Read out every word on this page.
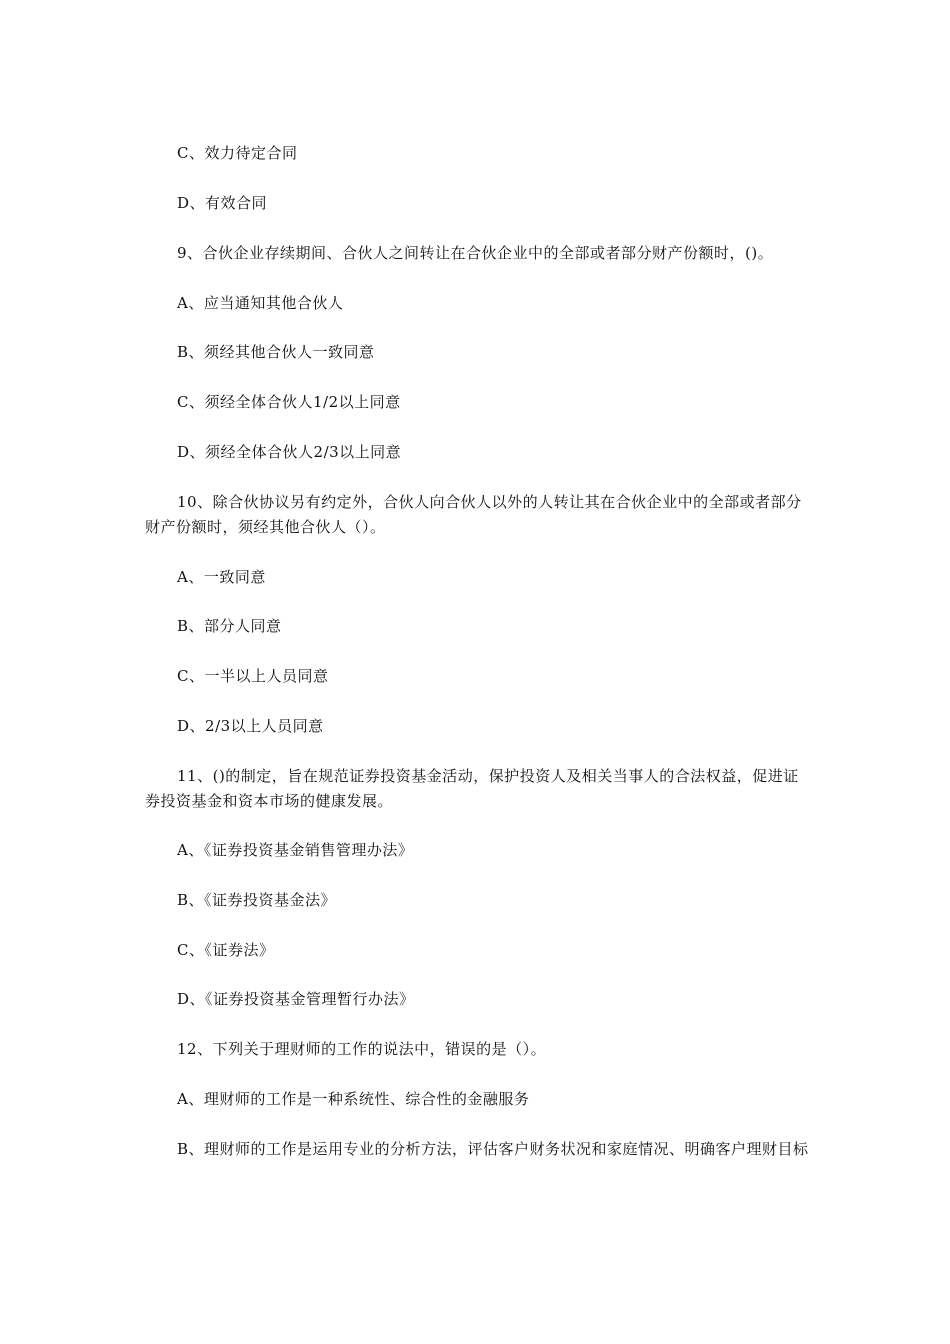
C、效力待定合同
D、有效合同
9、合伙企业存续期间、合伙人之间转让在合伙企业中的全部或者部分财产份额时，()。
A、应当通知其他合伙人
B、须经其他合伙人一致同意
C、须经全体合伙人1/2以上同意
D、须经全体合伙人2/3以上同意
10、除合伙协议另有约定外，合伙人向合伙人以外的人转让其在合伙企业中的全部或者部分财产份额时，须经其他合伙人（）。
A、一致同意
B、部分人同意
C、一半以上人员同意
D、2/3以上人员同意
11、()的制定，旨在规范证券投资基金活动，保护投资人及相关当事人的合法权益，促进证券投资基金和资本市场的健康发展。
A、《证券投资基金销售管理办法》
B、《证券投资基金法》
C、《证券法》
D、《证券投资基金管理暂行办法》
12、下列关于理财师的工作的说法中，错误的是（）。
A、理财师的工作是一种系统性、综合性的金融服务
B、理财师的工作是运用专业的分析方法，评估客户财务状况和家庭情况、明确客户理财目标
